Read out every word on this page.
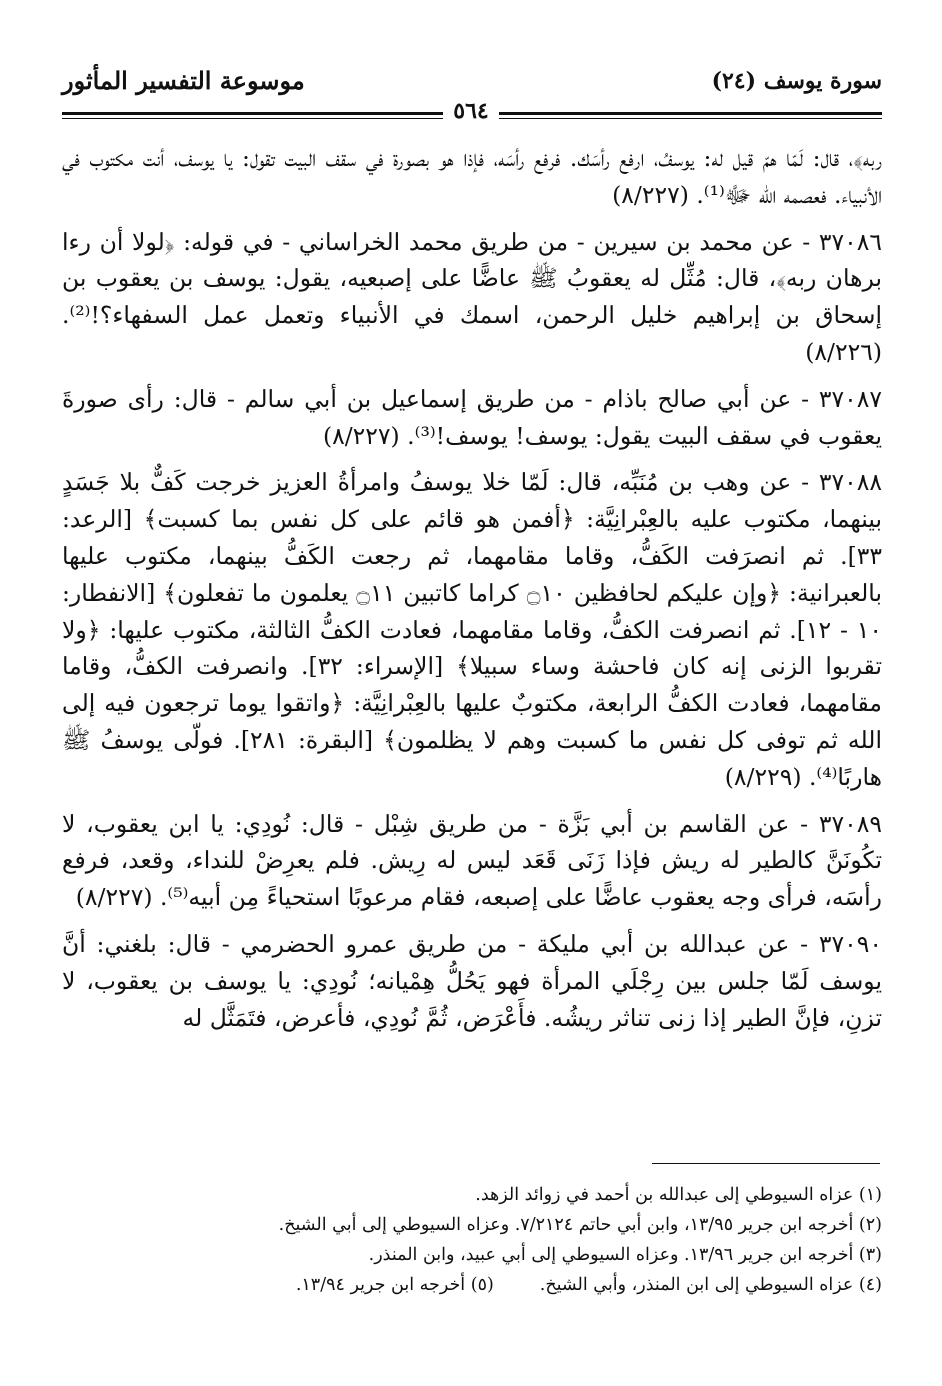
سورة يوسف (٢٤)
موسوعة التفسير المأثور
٥٦٤

ربه﴾، قال: لَمّا همّ قيل له: يوسفُ، ارفع رأسَك. فرفع رأسَه، فإذا هو بصورة في سقف البيت تقول: يا يوسف، أنت مكتوب في الأنبياء. فعصمه الله ﷻ⁽¹⁾. (٨/٢٢٧)

٣٧٠٨٦ - عن محمد بن سيرين - من طريق محمد الخراساني - في قوله: ﴿لولا أن رءا برهان ربه﴾، قال: مُثِّل له يعقوبُ ﷺ عاضًّا على إصبعيه، يقول: يوسف بن يعقوب بن إسحاق بن إبراهيم خليل الرحمن، اسمك في الأنبياء وتعمل عمل السفهاء؟!⁽²⁾. (٨/٢٢٦)

٣٧٠٨٧ - عن أبي صالح باذام - من طريق إسماعيل بن أبي سالم - قال: رأى صورةَ يعقوب في سقف البيت يقول: يوسف! يوسف!⁽³⁾. (٨/٢٢٧)

٣٧٠٨٨ - عن وهب بن مُنَبِّه، قال: لَمّا خلا يوسفُ وامرأةُ العزيز خرجت كَفٌّ بلا جَسَدٍ بينهما، مكتوب عليه بالعِبْرانِيَّة: ﴿أفمن هو قائم على كل نفس بما كسبت﴾ [الرعد: ٣٣]. ثم انصرَفت الكَفُّ، وقاما مقامهما، ثم رجعت الكَفُّ بينهما، مكتوب عليها بالعبرانية: ﴿وإن عليكم لحافظين ۝١٠ كراما كاتبين ۝١١ يعلمون ما تفعلون﴾ [الانفطار: ١٠ - ١٢]. ثم انصرفت الكفُّ، وقاما مقامهما، فعادت الكفُّ الثالثة، مكتوب عليها: ﴿ولا تقربوا الزنى إنه كان فاحشة وساء سبيلا﴾ [الإسراء: ٣٢]. وانصرفت الكفُّ، وقاما مقامهما، فعادت الكفُّ الرابعة، مكتوبٌ عليها بالعِبْرانِيَّة: ﴿واتقوا يوما ترجعون فيه إلى الله ثم توفى كل نفس ما كسبت وهم لا يظلمون﴾ [البقرة: ٢٨١]. فولّى يوسفُ ﷺ هاربًا⁽⁴⁾. (٨/٢٢٩)

٣٧٠٨٩ - عن القاسم بن أبي بَزَّة - من طريق شِبْل - قال: نُودِي: يا ابن يعقوب، لا تكُونَنَّ كالطير له ريش فإذا زَنَى قَعَد ليس له رِيش. فلم يعرِضْ للنداء، وقعد، فرفع رأسَه، فرأى وجه يعقوب عاضًّا على إصبعه، فقام مرعوبًا استحياءً مِن أبيه⁽⁵⁾. (٨/٢٢٧)

٣٧٠٩٠ - عن عبدالله بن أبي مليكة - من طريق عمرو الحضرمي - قال: بلغني: أنَّ يوسف لَمّا جلس بين رِجْلَي المرأة فهو يَحُلُّ هِمْيانه؛ نُودِي: يا يوسف بن يعقوب، لا تزنِ، فإنَّ الطير إذا زنى تناثر ريشُه. فأَعْرَض، ثُمَّ نُودِي، فأعرض، فتَمَثَّل له

(١) عزاه السيوطي إلى عبدالله بن أحمد في زوائد الزهد.
(٢) أخرجه ابن جرير ١٣/٩٥، وابن أبي حاتم ٧/٢١٢٤. وعزاه السيوطي إلى أبي الشيخ.
(٣) أخرجه ابن جرير ١٣/٩٦. وعزاه السيوطي إلى أبي عبيد، وابن المنذر.
(٤) عزاه السيوطي إلى ابن المنذر، وأبي الشيخ.
(٥) أخرجه ابن جرير ١٣/٩٤.
